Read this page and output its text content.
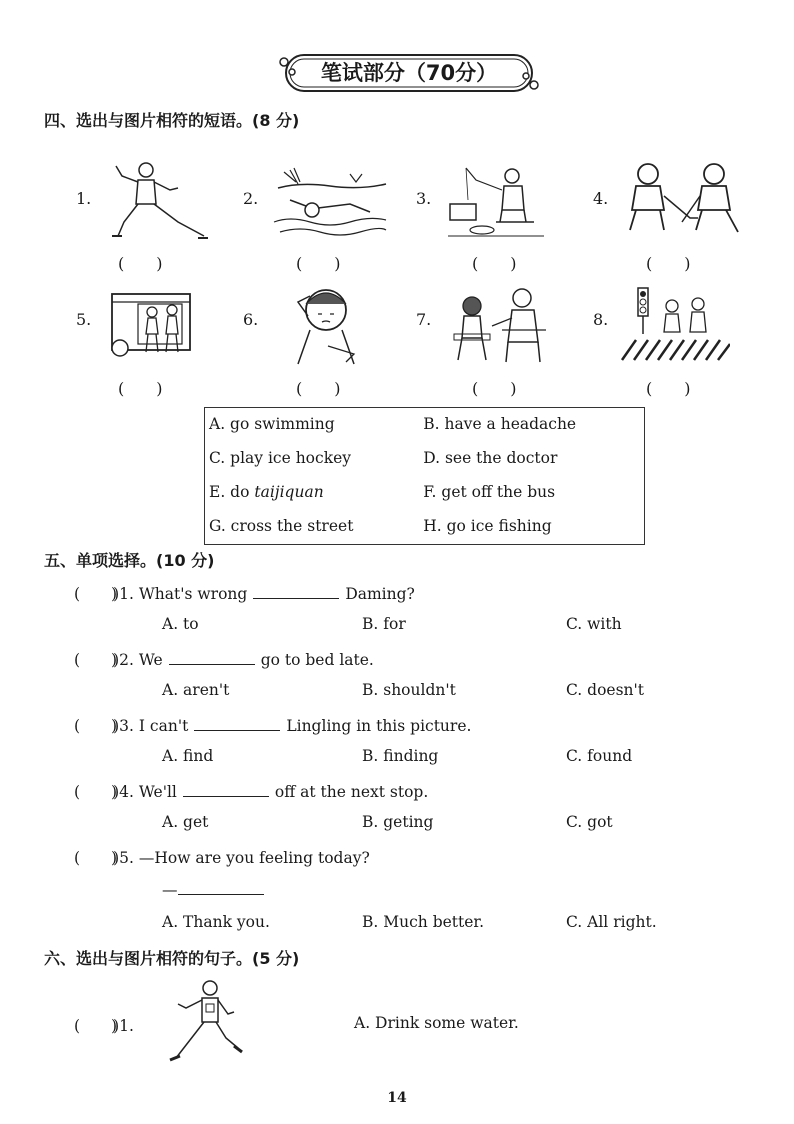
笔试部分（70分）
四、选出与图片相符的短语。(8 分)
1.	2.	3.	4.
(　　)	(　　)	(　　)	(　　)
5.	6.	7.	8.
(　　)	(　　)	(　　)	(　　)
A. go swimming	B. have a headache
C. play ice hockey	D. see the doctor
E. do taijiquan	F. get off the bus
G. cross the street	H. go ice fishing
五、单项选择。(10 分)
(　　))1. What's wrong	Daming?
A. to	B. for	C. with
(　　))2. We	go to bed late.
A. aren't	B. shouldn't	C. doesn't
(　　))3. I can't	Lingling in this picture.
A. find	B. finding	C. found
(　　))4. We'll	off at the next stop.
A. get	B. geting	C. got
(　　))5. —How are you feeling today?
—
A. Thank you.	B. Much better.	C. All right.
六、选出与图片相符的句子。(5 分)
(　　))1.	A. Drink some water.
14
